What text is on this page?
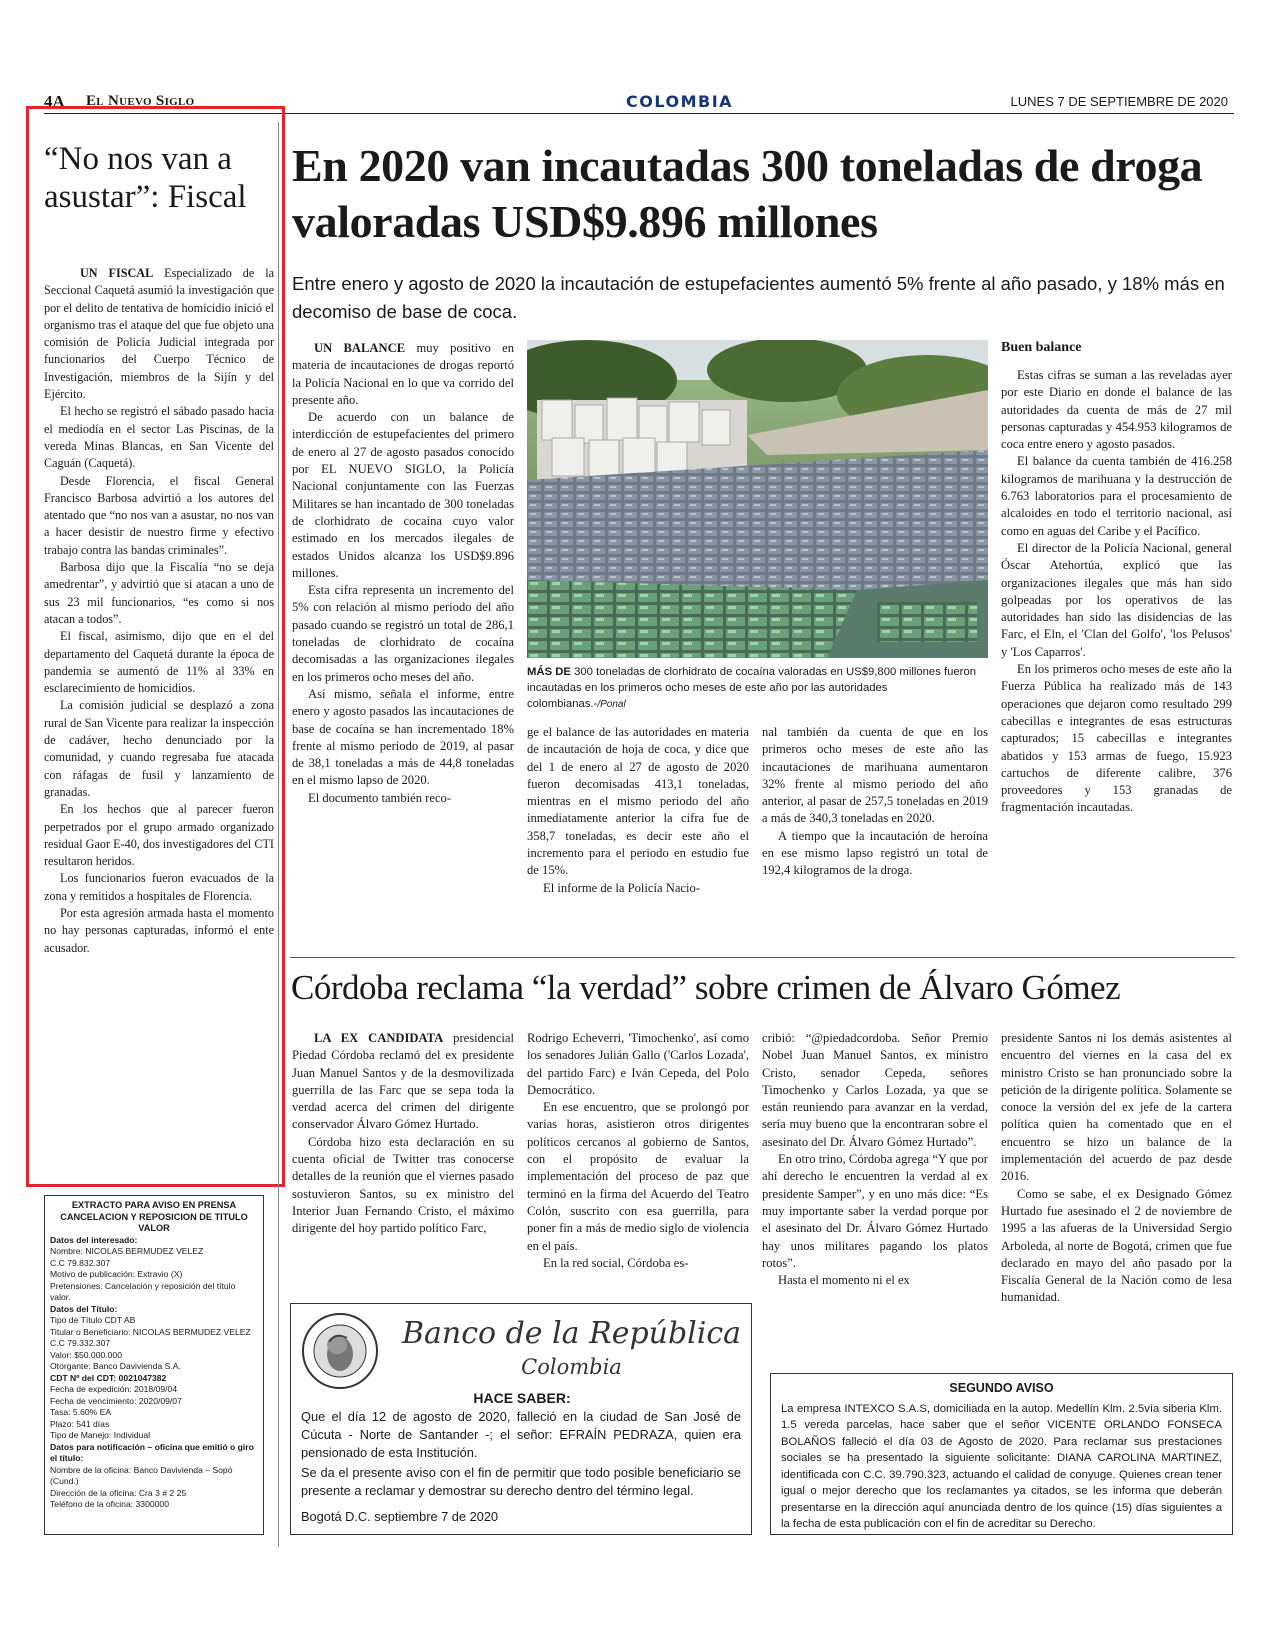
4A El Nuevo Siglo	COLOMBIA	LUNES 7 DE SEPTIEMBRE DE 2020
“No nos van a asustar”: Fiscal

UN FISCAL Especializado de la Seccional Caquetá asumió la investigación que por el delito de tentativa de homicidio inició el organismo tras el ataque del que fue objeto una comisión de Policía Judicial integrada por funcionarios del Cuerpo Técnico de Investigación, miembros de la Sijín y del Ejército.

El hecho se registró el sábado pasado hacia el mediodía en el sector Las Piscinas, de la vereda Minas Blancas, en San Vicente del Caguán (Caquetá).

Desde Florencia, el fiscal General Francisco Barbosa advirtió a los autores del atentado que “no nos van a asustar, no nos van a hacer desistir de nuestro firme y efectivo trabajo contra las bandas criminales”.

Barbosa dijo que la Fiscalía “no se deja amedrentar”, y advirtió que si atacan a uno de sus 23 mil funcionarios, “es como si nos atacan a todos”.

El fiscal, asimismo, dijo que en el del departamento del Caquetá durante la época de pandemia se aumentó de 11% al 33% en esclarecimiento de homicidios.

La comisión judicial se desplazó a zona rural de San Vicente para realizar la inspección de cadáver, hecho denunciado por la comunidad, y cuando regresaba fue atacada con ráfagas de fusil y lanzamiento de granadas.

En los hechos que al parecer fueron perpetrados por el grupo armado organizado residual Gaor E-40, dos investigadores del CTI resultaron heridos.

Los funcionarios fueron evacuados de la zona y remitidos a hospitales de Florencia.

Por esta agresión armada hasta el momento no hay personas capturadas, informó el ente acusador.

En 2020 van incautadas 300 toneladas de droga valoradas USD$9.896 millones
Entre enero y agosto de 2020 la incautación de estupefacientes aumentó 5% frente al año pasado, y 18% más en decomiso de base de coca.

UN BALANCE muy positivo en materia de incautaciones de drogas reportó la Policía Nacional en lo que va corrido del presente año.

De acuerdo con un balance de interdicción de estupefacientes del primero de enero al 27 de agosto pasados conocido por EL NUEVO SIGLO, la Policía Nacional conjuntamente con las Fuerzas Militares se han incantado de 300 toneladas de clorhidrato de cocaína cuyo valor estimado en los mercados ilegales de estados Unidos alcanza los USD$9.896 millones.

Esta cifra representa un incremento del 5% con relación al mismo periodo del año pasado cuando se registró un total de 286,1 toneladas de clorhidrato de cocaína decomisadas a las organizaciones ilegales en los primeros ocho meses del año.

Así mismo, señala el informe, entre enero y agosto pasados las incautaciones de base de cocaína se han incrementado 18% frente al mismo periodo de 2019, al pasar de 38,1 toneladas a más de 44,8 toneladas en el mismo lapso de 2020.

El documento también reco-

MÁS DE 300 toneladas de clorhidrato de cocaína valoradas en US$9,800 millones fueron incautadas en los primeros ocho meses de este año por las autoridades colombianas.-/Ponal

ge el balance de las autoridades en materia de incautación de hoja de coca, y dice que del 1 de enero al 27 de agosto de 2020 fueron decomisadas 413,1 toneladas, mientras en el mismo periodo del año inmediatamente anterior la cifra fue de 358,7 toneladas, es decir este año el incremento para el periodo en estudio fue de 15%.

El informe de la Policía Nacio-

nal también da cuenta de que en los primeros ocho meses de este año las incautaciones de marihuana aumentaron 32% frente al mismo periodo del año anterior, al pasar de 257,5 toneladas en 2019 a más de 340,3 toneladas en 2020.

A tiempo que la incautación de heroína en ese mismo lapso registró un total de 192,4 kilogramos de la droga.

Buen balance

Estas cifras se suman a las reveladas ayer por este Diario en donde el balance de las autoridades da cuenta de más de 27 mil personas capturadas y 454.953 kilogramos de coca entre enero y agosto pasados.

El balance da cuenta también de 416.258 kilogramos de marihuana y la destrucción de 6.763 laboratorios para el procesamiento de alcaloides en todo el territorio nacional, así como en aguas del Caribe y el Pacífico.

El director de la Policía Nacional, general Óscar Atehortúa, explicó que las organizaciones ilegales que más han sido golpeadas por los operativos de las autoridades han sido las disidencias de las Farc, el Eln, el 'Clan del Golfo', 'los Pelusos' y 'Los Caparros'.

En los primeros ocho meses de este año la Fuerza Pública ha realizado más de 143 operaciones que dejaron como resultado 299 cabecillas e integrantes de esas estructuras capturados; 15 cabecillas e integrantes abatidos y 153 armas de fuego, 15.923 cartuchos de diferente calibre, 376 proveedores y 153 granadas de fragmentación incautadas.

Córdoba reclama “la verdad” sobre crimen de Álvaro Gómez

LA EX CANDIDATA presidencial Piedad Córdoba reclamó del ex presidente Juan Manuel Santos y de la desmovilizada guerrilla de las Farc que se sepa toda la verdad acerca del crimen del dirigente conservador Álvaro Gómez Hurtado.

Córdoba hizo esta declaración en su cuenta oficial de Twitter tras conocerse detalles de la reunión que el viernes pasado sostuvieron Santos, su ex ministro del Interior Juan Fernando Cristo, el máximo dirigente del hoy partido político Farc,

Rodrigo Echeverri, 'Timochenko', así como los senadores Julián Gallo ('Carlos Lozada', del partido Farc) e Iván Cepeda, del Polo Democrático.

En ese encuentro, que se prolongó por varias horas, asistieron otros dirigentes políticos cercanos al gobierno de Santos, con el propósito de evaluar la implementación del proceso de paz que terminó en la firma del Acuerdo del Teatro Colón, suscrito con esa guerrilla, para poner fin a más de medio siglo de violencia en el país.

En la red social, Córdoba es-

cribió: “@piedadcordoba. Señor Premio Nobel Juan Manuel Santos, ex ministro Cristo, senador Cepeda, señores Timochenko y Carlos Lozada, ya que se están reuniendo para avanzar en la verdad, sería muy bueno que la encontraran sobre el asesinato del Dr. Álvaro Gómez Hurtado”.

En otro trino, Córdoba agrega “Y que por ahí derecho le encuentren la verdad al ex presidente Samper”, y en uno más dice: “Es muy importante saber la verdad porque por el asesinato del Dr. Álvaro Gómez Hurtado hay unos militares pagando los platos rotos”.

Hasta el momento ni el ex

presidente Santos ni los demás asistentes al encuentro del viernes en la casa del ex ministro Cristo se han pronunciado sobre la petición de la dirigente política. Solamente se conoce la versión del ex jefe de la cartera política quien ha comentado que en el encuentro se hizo un balance de la implementación del acuerdo de paz desde 2016.

Como se sabe, el ex Designado Gómez Hurtado fue asesinado el 2 de noviembre de 1995 a las afueras de la Universidad Sergio Arboleda, al norte de Bogotá, crimen que fue declarado en mayo del año pasado por la Fiscalía General de la Nación como de lesa humanidad.

EXTRACTO PARA AVISO EN PRENSA CANCELACION Y REPOSICION DE TITULO VALOR
Datos del interesado:
Nombre: NICOLAS BERMUDEZ VELEZ
C.C 79.832.307
Motivo de publicación: Extravio (X)
Pretensiones: Cancelación y reposición del título valor.
Datos del Título:
Tipo de Título CDT AB
Titular o Beneficiario: NICOLAS BERMUDEZ VELEZ
C.C 79.332.307
Valor: $50.000.000
Otorgante: Banco Davivienda S.A.
CDT Nº del CDT: 0021047382
Fecha de expedición: 2018/09/04
Fecha de vencimiento: 2020/09/07
Tasa: 5.60% EA
Plazo: 541 días
Tipo de Manejo: Individual
Datos para notificación – oficina que emitió o giro el título:
Nombre de la oficina: Banco Davivienda – Sopó (Cund.)
Dirección de la oficina: Cra 3 # 2 25
Teléfono de la oficina: 3300000
Banco de la República
Colombia
HACE SABER:
Que el día 12 de agosto de 2020, falleció en la ciudad de San José de Cúcuta - Norte de Santander -; el señor: EFRAÍN PEDRAZA, quien era pensionado de esta Institución.
Se da el presente aviso con el fin de permitir que todo posible beneficiario se presente a reclamar y demostrar su derecho dentro del término legal.
Bogotá D.C. septiembre 7 de 2020
SEGUNDO AVISO
La empresa INTEXCO S.A.S, domiciliada en la autop. Medellín Klm. 2.5vía siberia Klm. 1.5 vereda parcelas, hace saber que el señor VICENTE ORLANDO FONSECA BOLAÑOS falleció el día 03 de Agosto de 2020. Para reclamar sus prestaciones sociales se ha presentado la siguiente solicitante: DIANA CAROLINA MARTINEZ, identificada con C.C. 39.790.323, actuando el calidad de conyuge. Quienes crean tener igual o mejor derecho que los reclamantes ya citados, se les informa que deberán presentarse en la dirección aquí anunciada dentro de los quince (15) días siguientes a la fecha de esta publicación con el fin de acreditar su Derecho.
